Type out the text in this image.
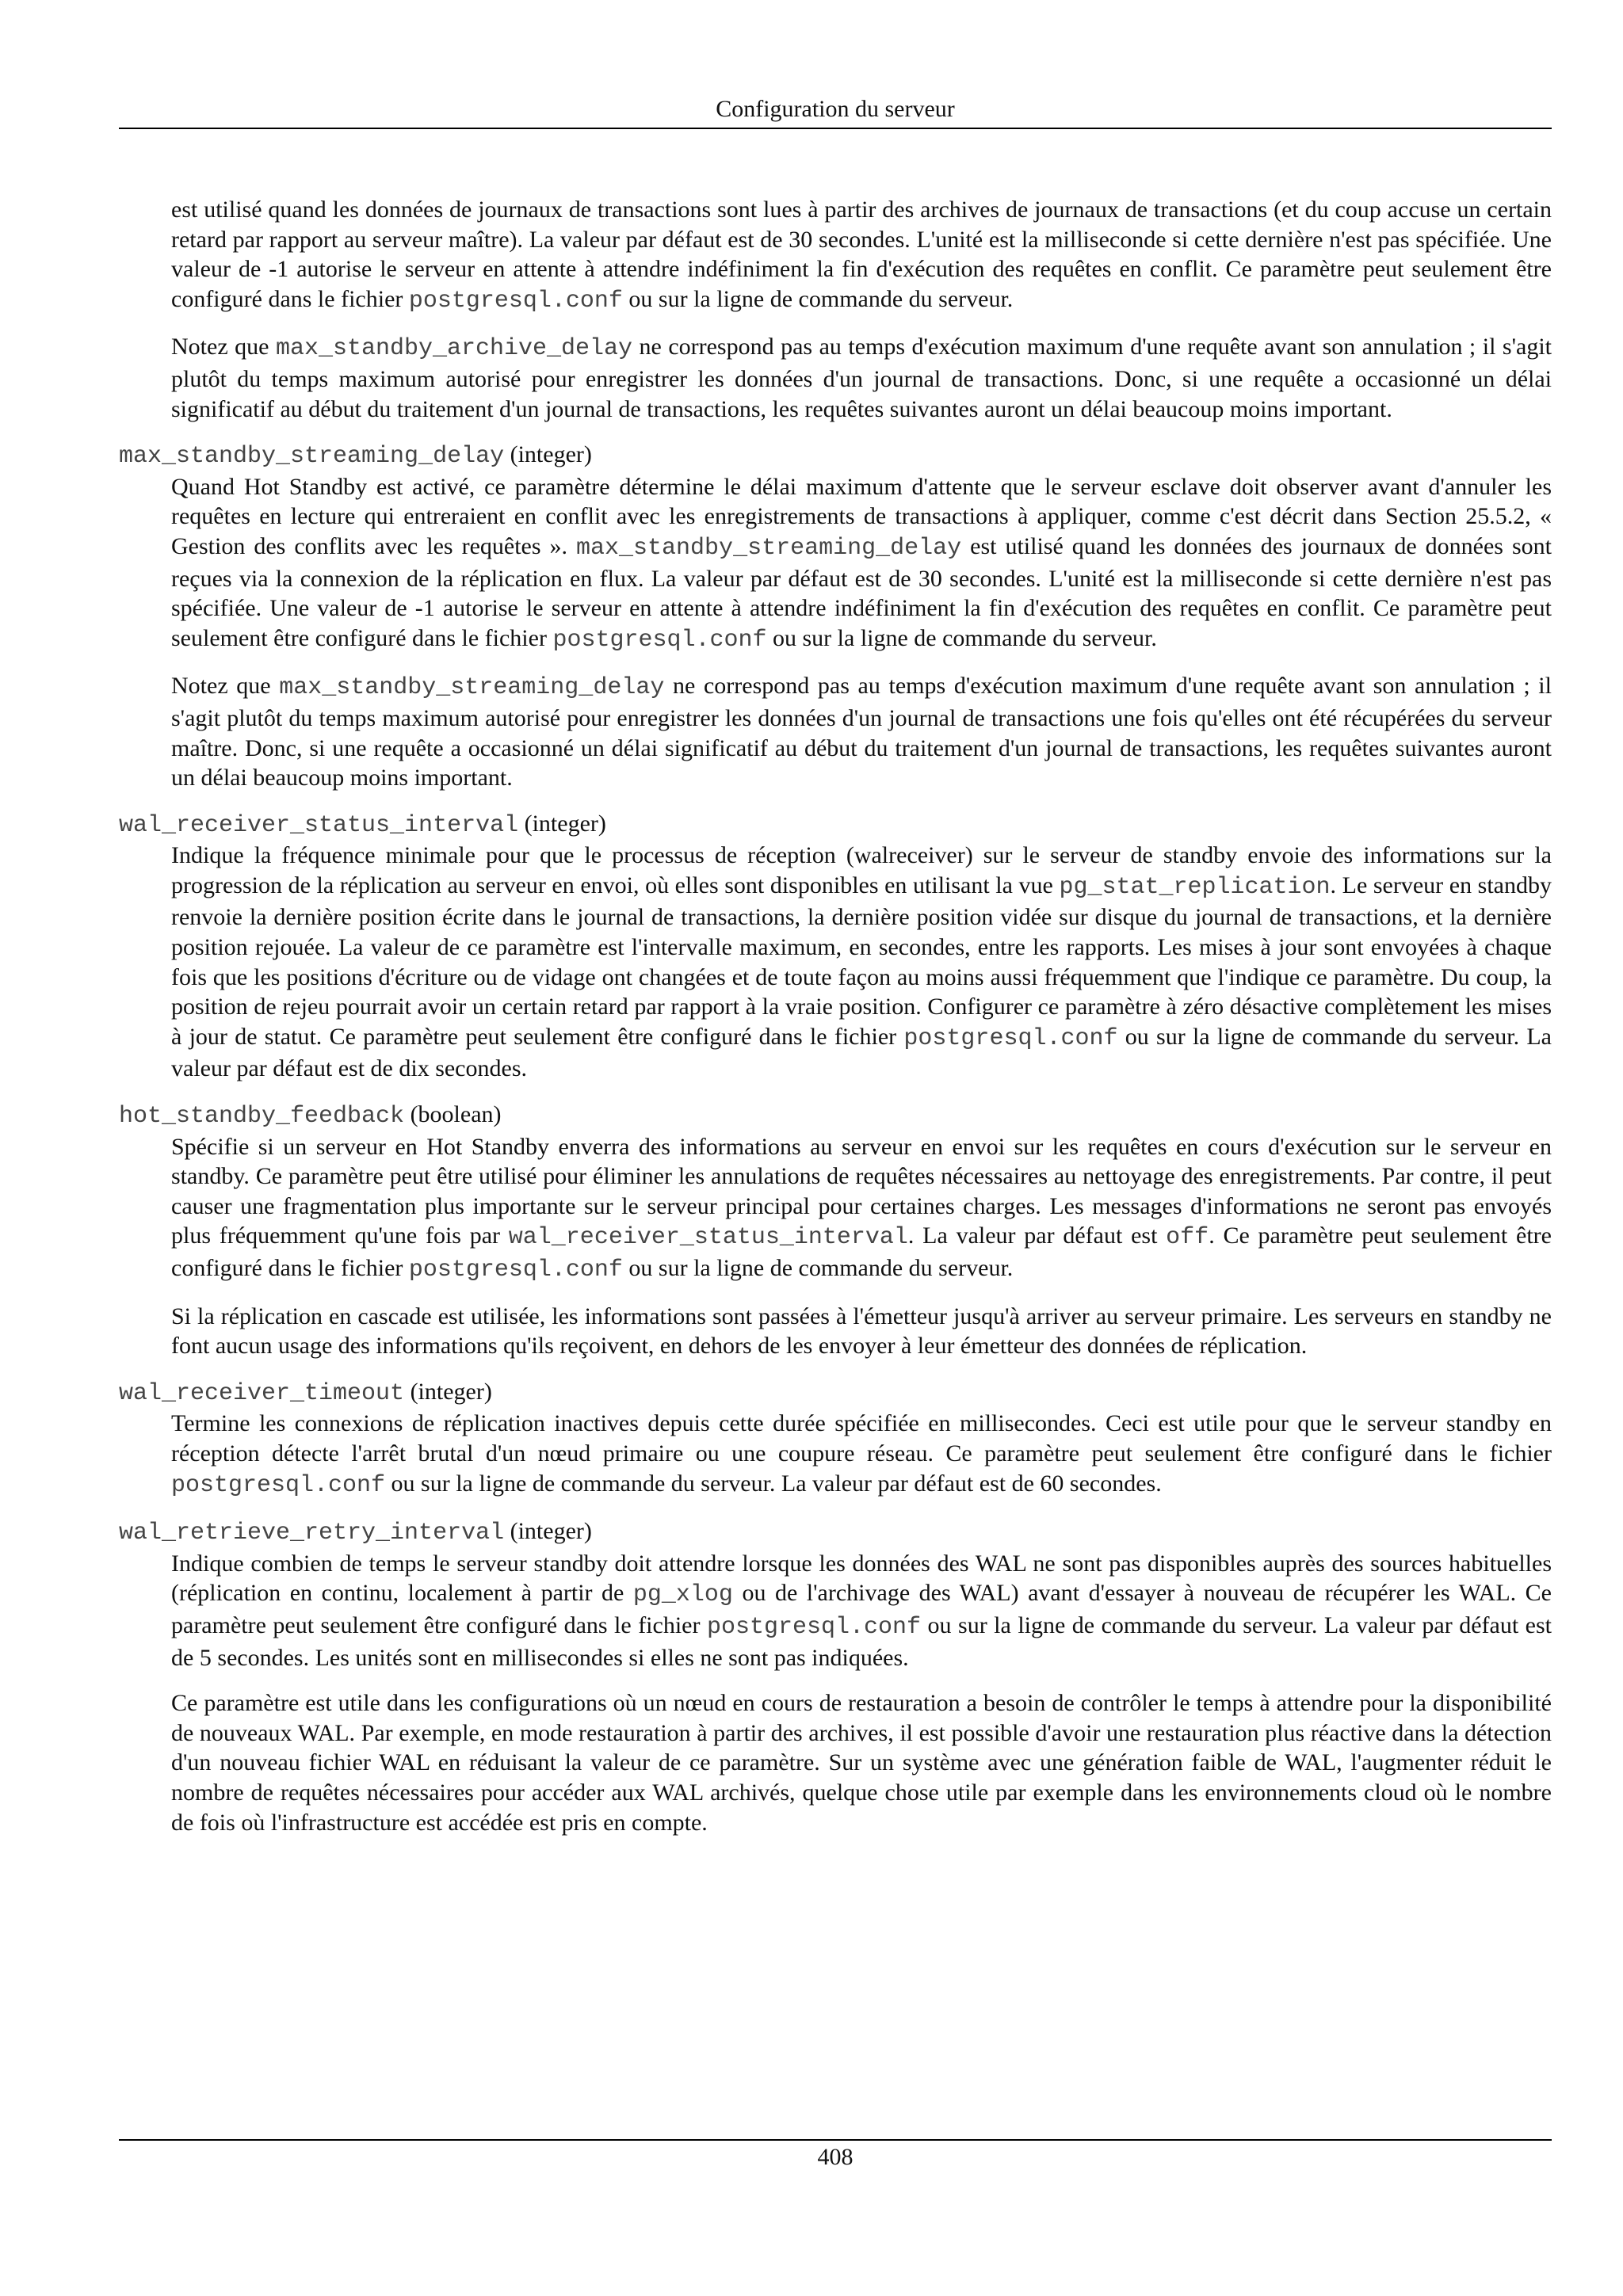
Configuration du serveur

est utilisé quand les données de journaux de transactions sont lues à partir des archives de journaux de transactions (et du coup accuse un certain retard par rapport au serveur maître). La valeur par défaut est de 30 secondes. L'unité est la milliseconde si cette dernière n'est pas spécifiée. Une valeur de -1 autorise le serveur en attente à attendre indéfiniment la fin d'exécution des requêtes en conflit. Ce paramètre peut seulement être configuré dans le fichier postgresql.conf ou sur la ligne de commande du serveur.

Notez que max_standby_archive_delay ne correspond pas au temps d'exécution maximum d'une requête avant son annulation ; il s'agit plutôt du temps maximum autorisé pour enregistrer les données d'un journal de transactions. Donc, si une requête a occasionné un délai significatif au début du traitement d'un journal de transactions, les requêtes suivantes auront un délai beaucoup moins important.

max_standby_streaming_delay (integer)

Quand Hot Standby est activé, ce paramètre détermine le délai maximum d'attente que le serveur esclave doit observer avant d'annuler les requêtes en lecture qui entreraient en conflit avec les enregistrements de transactions à appliquer, comme c'est décrit dans Section 25.5.2, « Gestion des conflits avec les requêtes ». max_standby_streaming_delay est utilisé quand les données des journaux de données sont reçues via la connexion de la réplication en flux. La valeur par défaut est de 30 secondes. L'unité est la milliseconde si cette dernière n'est pas spécifiée. Une valeur de -1 autorise le serveur en attente à attendre indéfiniment la fin d'exécution des requêtes en conflit. Ce paramètre peut seulement être configuré dans le fichier postgresql.conf ou sur la ligne de commande du serveur.

Notez que max_standby_streaming_delay ne correspond pas au temps d'exécution maximum d'une requête avant son annulation ; il s'agit plutôt du temps maximum autorisé pour enregistrer les données d'un journal de transactions une fois qu'elles ont été récupérées du serveur maître. Donc, si une requête a occasionné un délai significatif au début du traitement d'un journal de transactions, les requêtes suivantes auront un délai beaucoup moins important.

wal_receiver_status_interval (integer)

Indique la fréquence minimale pour que le processus de réception (walreceiver) sur le serveur de standby envoie des informations sur la progression de la réplication au serveur en envoi, où elles sont disponibles en utilisant la vue pg_stat_replication. Le serveur en standby renvoie la dernière position écrite dans le journal de transactions, la dernière position vidée sur disque du journal de transactions, et la dernière position rejouée. La valeur de ce paramètre est l'intervalle maximum, en secondes, entre les rapports. Les mises à jour sont envoyées à chaque fois que les positions d'écriture ou de vidage ont changées et de toute façon au moins aussi fréquemment que l'indique ce paramètre. Du coup, la position de rejeu pourrait avoir un certain retard par rapport à la vraie position. Configurer ce paramètre à zéro désactive complètement les mises à jour de statut. Ce paramètre peut seulement être configuré dans le fichier postgresql.conf ou sur la ligne de commande du serveur. La valeur par défaut est de dix secondes.

hot_standby_feedback (boolean)

Spécifie si un serveur en Hot Standby enverra des informations au serveur en envoi sur les requêtes en cours d'exécution sur le serveur en standby. Ce paramètre peut être utilisé pour éliminer les annulations de requêtes nécessaires au nettoyage des enregistrements. Par contre, il peut causer une fragmentation plus importante sur le serveur principal pour certaines charges. Les messages d'informations ne seront pas envoyés plus fréquemment qu'une fois par wal_receiver_status_interval. La valeur par défaut est off. Ce paramètre peut seulement être configuré dans le fichier postgresql.conf ou sur la ligne de commande du serveur.

Si la réplication en cascade est utilisée, les informations sont passées à l'émetteur jusqu'à arriver au serveur primaire. Les serveurs en standby ne font aucun usage des informations qu'ils reçoivent, en dehors de les envoyer à leur émetteur des données de réplication.

wal_receiver_timeout (integer)

Termine les connexions de réplication inactives depuis cette durée spécifiée en millisecondes. Ceci est utile pour que le serveur standby en réception détecte l'arrêt brutal d'un nœud primaire ou une coupure réseau. Ce paramètre peut seulement être configuré dans le fichier postgresql.conf ou sur la ligne de commande du serveur. La valeur par défaut est de 60 secondes.

wal_retrieve_retry_interval (integer)

Indique combien de temps le serveur standby doit attendre lorsque les données des WAL ne sont pas disponibles auprès des sources habituelles (réplication en continu, localement à partir de pg_xlog ou de l'archivage des WAL) avant d'essayer à nouveau de récupérer les WAL. Ce paramètre peut seulement être configuré dans le fichier postgresql.conf ou sur la ligne de commande du serveur. La valeur par défaut est de 5 secondes. Les unités sont en millisecondes si elles ne sont pas indiquées.

Ce paramètre est utile dans les configurations où un nœud en cours de restauration a besoin de contrôler le temps à attendre pour la disponibilité de nouveaux WAL. Par exemple, en mode restauration à partir des archives, il est possible d'avoir une restauration plus réactive dans la détection d'un nouveau fichier WAL en réduisant la valeur de ce paramètre. Sur un système avec une génération faible de WAL, l'augmenter réduit le nombre de requêtes nécessaires pour accéder aux WAL archivés, quelque chose utile par exemple dans les environnements cloud où le nombre de fois où l'infrastructure est accédée est pris en compte.

408
